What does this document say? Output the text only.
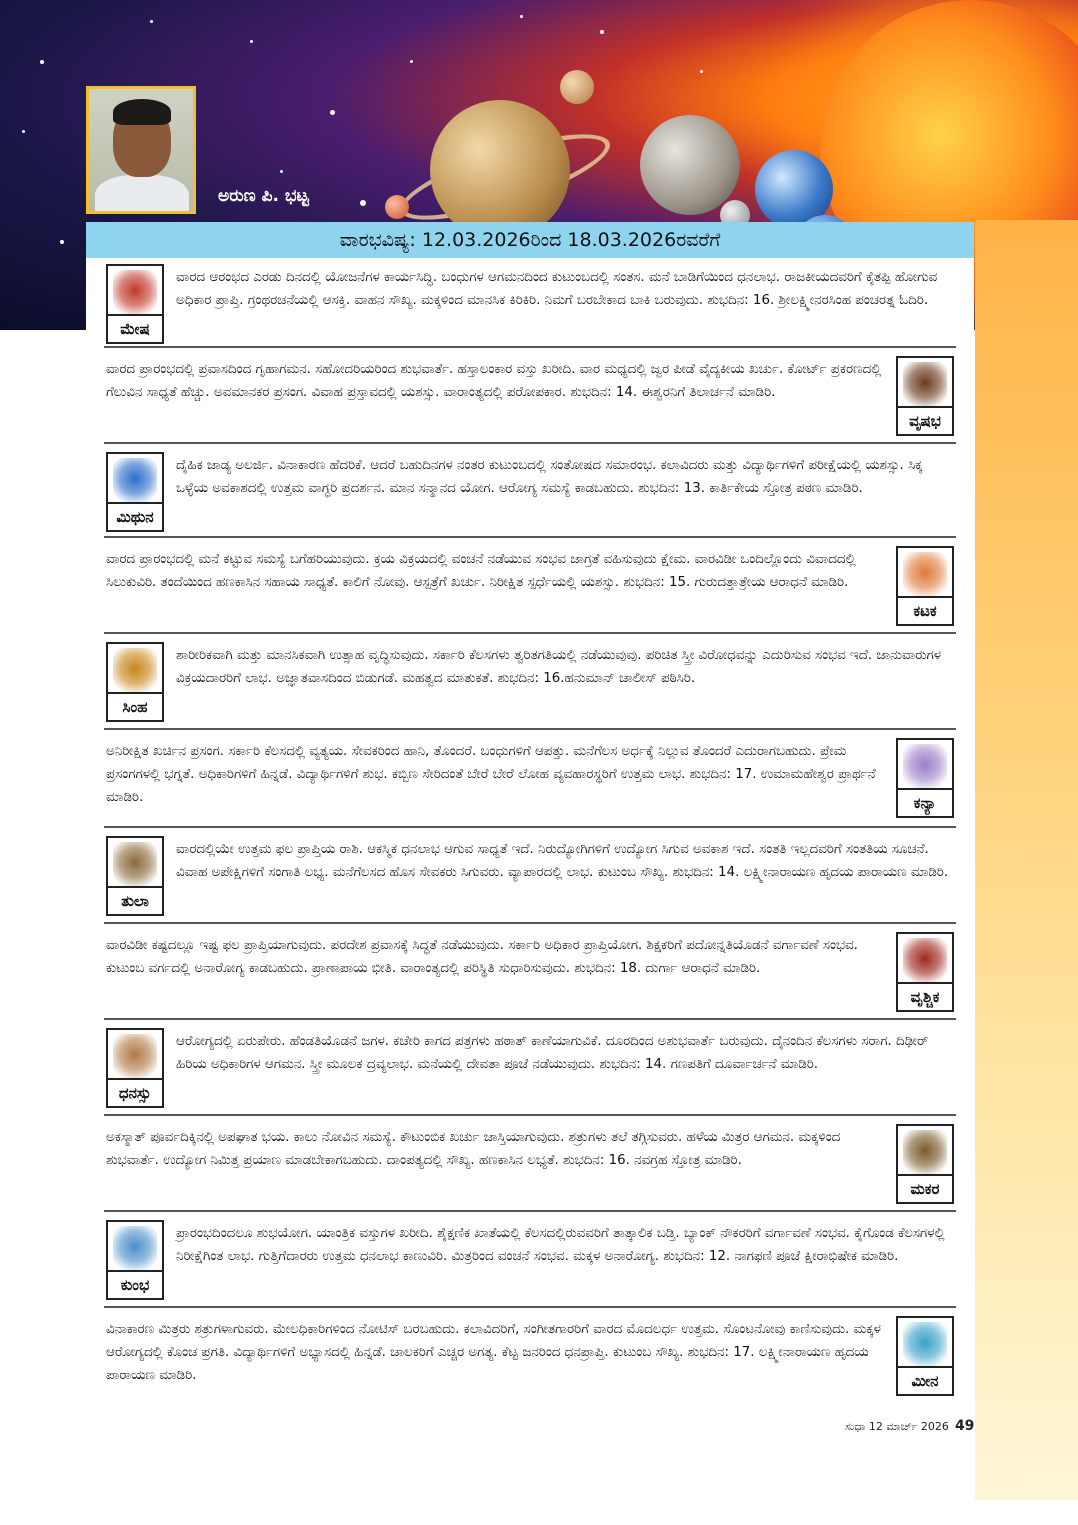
ಅರುಣ ಪಿ. ಭಟ್ಟ
ವಾರಭವಿಷ್ಯ: 12.03.2026ರಿಂದ 18.03.2026ರವರೆಗೆ
ಮೇಷ
ವಾರದ ಆರಂಭದ ಎರಡು ದಿನದಲ್ಲಿ ಯೋಜನೆಗಳ ಕಾರ್ಯಸಿದ್ಧಿ. ಬಂಧುಗಳ ಆಗಮನದಿಂದ ಕುಟುಂಬದಲ್ಲಿ ಸಂತಸ. ಮನೆ ಬಾಡಿಗೆಯಿಂದ ಧನಲಾಭ. ರಾಜಕೀಯದವರಿಗೆ ಕೈತಪ್ಪಿ ಹೋಗುವ ಅಧಿಕಾರ ಪ್ರಾಪ್ತಿ. ಗ್ರಂಥರಚನೆಯಲ್ಲಿ ಆಸಕ್ತಿ. ವಾಹನ ಸೌಖ್ಯ. ಮಕ್ಕಳಿಂದ ಮಾನಸಿಕ ಕಿರಿಕಿರಿ. ನಿಮಗೆ ಬರಬೇಕಾದ ಬಾಕಿ ಬರುವುದು. ಶುಭದಿನ: 16. ಶ್ರೀಲಕ್ಷ್ಮೀನರಸಿಂಹ ಪಂಚರತ್ನ ಓದಿರಿ.
ವೃಷಭ
ವಾರದ ಪ್ರಾರಂಭದಲ್ಲಿ ಪ್ರವಾಸದಿಂದ ಗೃಹಾಗಮನ. ಸಹೋದರಿಯರಿಂದ ಶುಭವಾರ್ತೆ. ಹಸ್ತಾಲಂಕಾರ ವಸ್ತು ಖರೀದಿ. ವಾರ ಮಧ್ಯದಲ್ಲಿ ಜ್ವರ ಪೀಡೆ ವೈದ್ಯಕೀಯ ಖರ್ಚು. ಕೋರ್ಟ್ ಪ್ರಕರಣದಲ್ಲಿ ಗೆಲುವಿನ ಸಾಧ್ಯತೆ ಹೆಚ್ಚು. ಅವಮಾನಕರ ಪ್ರಸಂಗ. ವಿವಾಹ ಪ್ರಸ್ತಾವದಲ್ಲಿ ಯಶಸ್ಸು. ವಾರಾಂತ್ಯದಲ್ಲಿ ಪರೋಪಕಾರ. ಶುಭದಿನ: 14. ಈಶ್ವರನಿಗೆ ತಿಲಾರ್ಚನೆ ಮಾಡಿರಿ.
ಮಿಥುನ
ದೈಹಿಕ ಜಾಡ್ಯ ಅಲರ್ಜಿ. ವಿನಾಕಾರಣ ಹೆದರಿಕೆ. ಆದರೆ ಬಹುದಿನಗಳ ನಂತರ ಕುಟುಂಬದಲ್ಲಿ ಸಂತೋಷದ ಸಮಾರಂಭ. ಕಲಾವಿದರು ಮತ್ತು ವಿದ್ಯಾರ್ಥಿಗಳಿಗೆ ಪರೀಕ್ಷೆಯಲ್ಲಿ ಯಶಸ್ಸು. ಸಿಕ್ಕ ಒಳ್ಳೆಯ ಅವಕಾಶದಲ್ಲಿ ಉತ್ತಮ ವಾಗ್ಧರಿ ಪ್ರದರ್ಶನ. ಮಾನ ಸನ್ಮಾನದ ಯೋಗ. ಆರೋಗ್ಯ ಸಮಸ್ಯೆ ಕಾಡಬಹುದು. ಶುಭದಿನ: 13. ಕಾರ್ತಿಕೇಯ ಸ್ತೋತ್ರ ಪಠಣ ಮಾಡಿರಿ.
ಕಟಕ
ವಾರದ ಪ್ರಾರಂಭದಲ್ಲಿ ಮನೆ ಕಟ್ಟುವ ಸಮಸ್ಯೆ ಬಗೆಹರಿಯುವುದು. ಕ್ರಯ ವಿಕ್ರಯದಲ್ಲಿ ವಂಚನೆ ನಡೆಯುವ ಸಂಭವ ಜಾಗ್ರತೆ ವಹಿಸುವುದು ಕ್ಷೇಮ. ವಾರವಿಡೀ ಒಂದಿಲ್ಲೊಂದು ವಿವಾದದಲ್ಲಿ ಸಿಲುಕುವಿರಿ. ತಂದೆಯಿಂದ ಹಣಕಾಸಿನ ಸಹಾಯ ಸಾಧ್ಯತೆ. ಕಾಲಿಗೆ ನೋವು. ಆಸ್ಪತ್ರೆಗೆ ಖರ್ಚು. ನಿರೀಕ್ಷಿತ ಸ್ಪರ್ಧೆಯಲ್ಲಿ ಯಶಸ್ಸು. ಶುಭದಿನ: 15. ಗುರುದತ್ತಾತ್ರೇಯ ಆರಾಧನೆ ಮಾಡಿರಿ.
ಸಿಂಹ
ಶಾರೀರಿಕವಾಗಿ ಮತ್ತು ಮಾನಸಿಕವಾಗಿ ಉತ್ಸಾಹ ವೃದ್ಧಿಸುವುದು. ಸರ್ಕಾರಿ ಕೆಲಸಗಳು ತ್ವರಿತಗತಿಯಲ್ಲಿ ನಡೆಯುವುವು. ಪರಿಚಿತ ಸ್ತ್ರೀ ವಿರೋಧವನ್ನು ಎದುರಿಸುವ ಸಂಭವ ಇದೆ. ಜಾನುವಾರುಗಳ ವಿಕ್ರಯದಾರರಿಗೆ ಲಾಭ. ಅಜ್ಞಾತವಾಸದಿಂದ ಬಿಡುಗಡೆ. ಮಹತ್ವದ ಮಾತುಕತೆ. ಶುಭದಿನ: 16.ಹನುಮಾನ್ ಚಾಲೀಸ್ ಪಠಿಸಿರಿ.
ಕನ್ಯಾ
ಅನಿರೀಕ್ಷಿತ ಖರ್ಚಿನ ಪ್ರಸಂಗ. ಸರ್ಕಾರಿ ಕೆಲಸದಲ್ಲಿ ವ್ಯತ್ಯಯ. ಸೇವಕರಿಂದ ಹಾನಿ, ತೊಂದರೆ. ಬಂಧುಗಳಿಗೆ ಆಪತ್ತು. ಮನೆಗೆಲಸ ಅರ್ಧಕ್ಕೆ ನಿಲ್ಲುವ ತೊಂದರೆ ಎದುರಾಗಬಹುದು. ಪ್ರೇಮ ಪ್ರಸಂಗಗಳಲ್ಲಿ ಭಗ್ನತೆ. ಅಧಿಕಾರಿಗಳಿಗೆ ಹಿನ್ನಡೆ. ವಿದ್ಯಾರ್ಥಿಗಳಿಗೆ ಶುಭ. ಕಬ್ಬಿಣ ಸೇರಿದಂತೆ ಬೇರೆ ಬೇರೆ ಲೋಹ ವ್ಯವಹಾರಸ್ಥರಿಗೆ ಉತ್ತಮ ಲಾಭ. ಶುಭದಿನ: 17. ಉಮಾಮಹೇಶ್ವರ ಪ್ರಾರ್ಥನೆ ಮಾಡಿರಿ.
ತುಲಾ
ವಾರದಲ್ಲಿಯೇ ಉತ್ತಮ ಫಲ ಪ್ರಾಪ್ತಿಯ ರಾಶಿ. ಆಕಸ್ಮಿಕ ಧನಲಾಭ ಆಗುವ ಸಾಧ್ಯತೆ ಇದೆ. ನಿರುದ್ಯೋಗಿಗಳಿಗೆ ಉದ್ಯೋಗ ಸಿಗುವ ಅವಕಾಶ ಇದೆ. ಸಂತತಿ ಇಲ್ಲದವರಿಗೆ ಸಂತತಿಯ ಸೂಚನೆ. ವಿವಾಹ ಅಪೇಕ್ಷಿಗಳಿಗೆ ಸಂಗಾತಿ ಲಭ್ಯ. ಮನೆಗೆಲಸದ ಹೊಸ ಸೇವಕರು ಸಿಗುವರು. ವ್ಯಾಪಾರದಲ್ಲಿ ಲಾಭ. ಕುಟುಂಬ ಸೌಖ್ಯ. ಶುಭದಿನ: 14. ಲಕ್ಷ್ಮೀನಾರಾಯಣ ಹೃದಯ ಪಾರಾಯಣ ಮಾಡಿರಿ.
ವೃಶ್ಚಿಕ
ವಾರವಿಡೀ ಕಷ್ಟದಲ್ಲೂ ಇಷ್ಟ ಫಲ ಪ್ರಾಪ್ತಿಯಾಗುವುದು. ಪರದೇಶ ಪ್ರವಾಸಕ್ಕೆ ಸಿದ್ಧತೆ ನಡೆಯುವುದು. ಸರ್ಕಾರಿ ಅಧಿಕಾರ ಪ್ರಾಪ್ತಿಯೋಗ. ಶಿಕ್ಷಕರಿಗೆ ಪದೋನ್ನತಿಯೊಡನೆ ವರ್ಗಾವಣೆ ಸಂಭವ. ಕುಟುಂಬ ವರ್ಗದಲ್ಲಿ ಅನಾರೋಗ್ಯ ಕಾಡಬಹುದು. ಪ್ರಾಣಾಪಾಯ ಭೀತಿ. ವಾರಾಂತ್ಯದಲ್ಲಿ ಪರಿಸ್ಥಿತಿ ಸುಧಾರಿಸುವುದು. ಶುಭದಿನ: 18. ದುರ್ಗಾ ಆರಾಧನೆ ಮಾಡಿರಿ.
ಧನಸ್ಸು
ಆರೋಗ್ಯದಲ್ಲಿ ಏರುಪೇರು. ಹೆಂಡತಿಯೊಡನೆ ಜಗಳ. ಕಚೇರಿ ಕಾಗದ ಪತ್ರಗಳು ಹಠಾತ್ ಕಾಣೆಯಾಗುವಿಕೆ. ದೂರದಿಂದ ಅಶುಭವಾರ್ತೆ ಬರುವುದು. ದೈನಂದಿನ ಕೆಲಸಗಳು ಸರಾಗ. ದಿಢೀರ್ ಹಿರಿಯ ಅಧಿಕಾರಿಗಳ ಆಗಮನ. ಸ್ತ್ರೀ ಮೂಲಕ ದ್ರವ್ಯಲಾಭ. ಮನೆಯಲ್ಲಿ ದೇವತಾ ಪೂಜೆ ನಡೆಯುವುದು. ಶುಭದಿನ: 14. ಗಣಪತಿಗೆ ದೂರ್ವಾರ್ಚನೆ ಮಾಡಿರಿ.
ಮಕರ
ಅಕಸ್ಮಾತ್ ಪೂರ್ವದಿಕ್ಕಿನಲ್ಲಿ ಅಪಘಾತ ಭಯ. ಕಾಲು ನೋವಿನ ಸಮಸ್ಯೆ. ಕೌಟುಂಬಿಕ ಖರ್ಚು ಜಾಸ್ತಿಯಾಗುವುದು. ಶತ್ರುಗಳು ತಲೆ ತಗ್ಗಿಸುವರು. ಹಳೆಯ ಮಿತ್ರರ ಆಗಮನ. ಮಕ್ಕಳಿಂದ ಶುಭವಾರ್ತೆ. ಉದ್ಯೋಗ ನಿಮಿತ್ತ ಪ್ರಯಾಣ ಮಾಡಬೇಕಾಗಬಹುದು. ದಾಂಪತ್ಯದಲ್ಲಿ ಸೌಖ್ಯ. ಹಣಕಾಸಿನ ಲಭ್ಯತೆ. ಶುಭದಿನ: 16. ನವಗ್ರಹ ಸ್ತೋತ್ರ ಮಾಡಿರಿ.
ಕುಂಭ
ಪ್ರಾರಂಭದಿಂದಲೂ ಶುಭಯೋಗ. ಯಾಂತ್ರಿಕ ವಸ್ತುಗಳ ಖರೀದಿ. ಶೈಕ್ಷಣಿಕ ಖಾತೆಯಲ್ಲಿ ಕೆಲಸದಲ್ಲಿರುವವರಿಗೆ ತಾತ್ಕಾಲಿಕ ಬಡ್ತಿ. ಬ್ಯಾಂಕ್ ನೌಕರರಿಗೆ ವರ್ಗಾವಣೆ ಸಂಭವ. ಕೈಗೊಂಡ ಕೆಲಸಗಳಲ್ಲಿ ನಿರೀಕ್ಷೆಗಿಂತ ಲಾಭ. ಗುತ್ತಿಗೆದಾರರು ಉತ್ತಮ ಧನಲಾಭ ಕಾಣುವಿರಿ. ಮಿತ್ರರಿಂದ ವಂಚನೆ ಸಂಭವ. ಮಕ್ಕಳ ಅನಾರೋಗ್ಯ. ಶುಭದಿನ: 12. ನಾಗಫಣಿ ಪೂಜೆ ಕ್ಷೀರಾಭಿಷೇಕ ಮಾಡಿರಿ.
ಮೀನ
ವಿನಾಕಾರಣ ಮಿತ್ರರು ಶತ್ರುಗಳಾಗುವರು. ಮೇಲಧಿಕಾರಿಗಳಿಂದ ನೋಟಿಸ್ ಬರಬಹುದು. ಕಲಾವಿದರಿಗೆ, ಸಂಗೀತಗಾರರಿಗೆ ವಾರದ ಮೊದಲರ್ಧ ಉತ್ತಮ. ಸೊಂಟನೋವು ಕಾಣಿಸುವುದು. ಮಕ್ಕಳ ಆರೋಗ್ಯದಲ್ಲಿ ಕೊಂಚ ಪ್ರಗತಿ. ವಿದ್ಯಾರ್ಥಿಗಳಿಗೆ ಅಭ್ಯಾಸದಲ್ಲಿ ಹಿನ್ನಡೆ. ಚಾಲಕರಿಗೆ ಎಚ್ಚರ ಅಗತ್ಯ. ಕೆಟ್ಟ ಜನರಿಂದ ಧನಪ್ರಾಪ್ತಿ. ಕುಟುಂಬ ಸೌಖ್ಯ. ಶುಭದಿನ: 17. ಲಕ್ಷ್ಮೀನಾರಾಯಣ ಹೃದಯ ಪಾರಾಯಣ ಮಾಡಿರಿ.
ಸುಧಾ 12 ಮಾರ್ಚ್ 2026 49
